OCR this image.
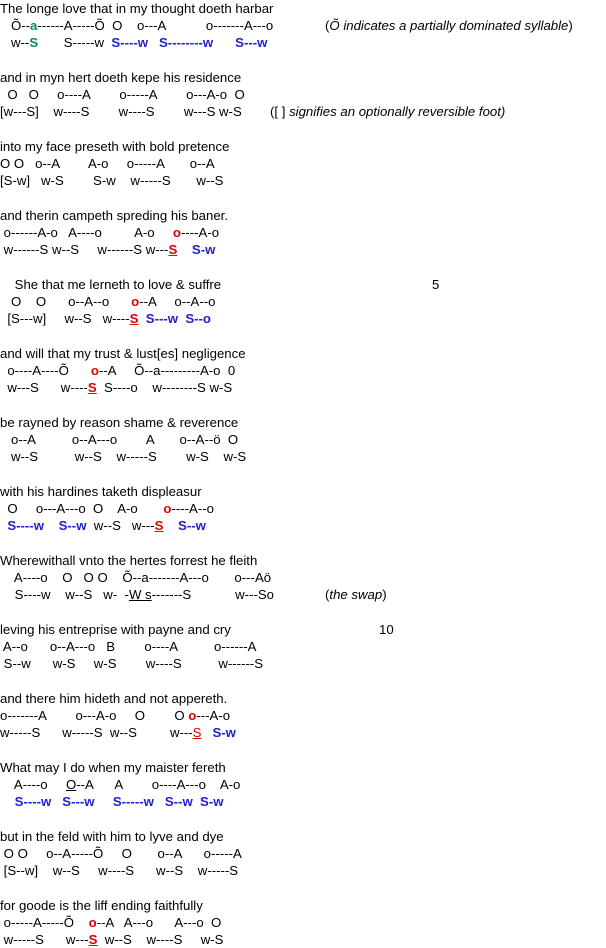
The longe love that in my thought doeth harbar
Õ--a------A-----Õ  O    o---A           o-------A---o
w--S       S-----w  S----w S--------w S---w
(Õ indicates a partially dominated syllable)
and in myn hert doeth kepe his residence
O   O     o----A        o-----A        o---A-o  O
[w---S]    w----S        w----S        w---S w-S ([ ] signifies an optionally reversible foot)
into my face preseth with bold pretence
O O   o--A        A-o     o-----A       o--A
[S-w]   w-S        S-w    w-----S       w--S
and therin campeth spreding his baner.
o------A-o   A----o         A-o     o----A-o
w------S w--S     w------S w---S S-w
She that me lerneth to love & suffre
O    O      o--A--o      o--A     o--A--o
[S---w]     w--S   w----S S---w S--o
5
and will that my trust & lust[es] negligence
o----A----Õ      o--A     Õ--a---------A-o  0
w---S      w----S  S----o    w--------S w-S
be rayned by reason shame & reverence
o--A          o--A---o        A       o--A--ö  O
w--S          w--S    w-----S        w-S    w-S
with his hardines taketh displeasur
O     o---A---o  O    A-o       o----A--o
S----w S--w  w--S   w---S S--w
Wherewithall vnto the hertes forrest he fleith
A----o    O   O O    Õ--a-------A---o       o---Aö
S----w    w--S   w-  -W s-------S            w---So	(the swap)
leving his entreprise with payne and cry
A--o      o--A---o   B        o----A          o------A
S--w      w-S     w-S        w----S          w------S
10
and there him hideth and not appereth.
o-------A        o---A-o     O        O o---A-o
w-----S      w-----S  w--S         w---S S-w
What may I do when my maister fereth
A----o     O--A      A        o----A---o    A-o
S----w S---w S-----w S--w S-w
but in the feld with him to lyve and dye
O O     o--A-----Õ     O       o--A      o-----A
[S--w]    w--S     w----S      w--S    w-----S
for goode is the liff ending faithfully
o-----A-----Õ    o--A   A---o      A---o  O
w-----S      w---S  w--S    w----S     w-S
